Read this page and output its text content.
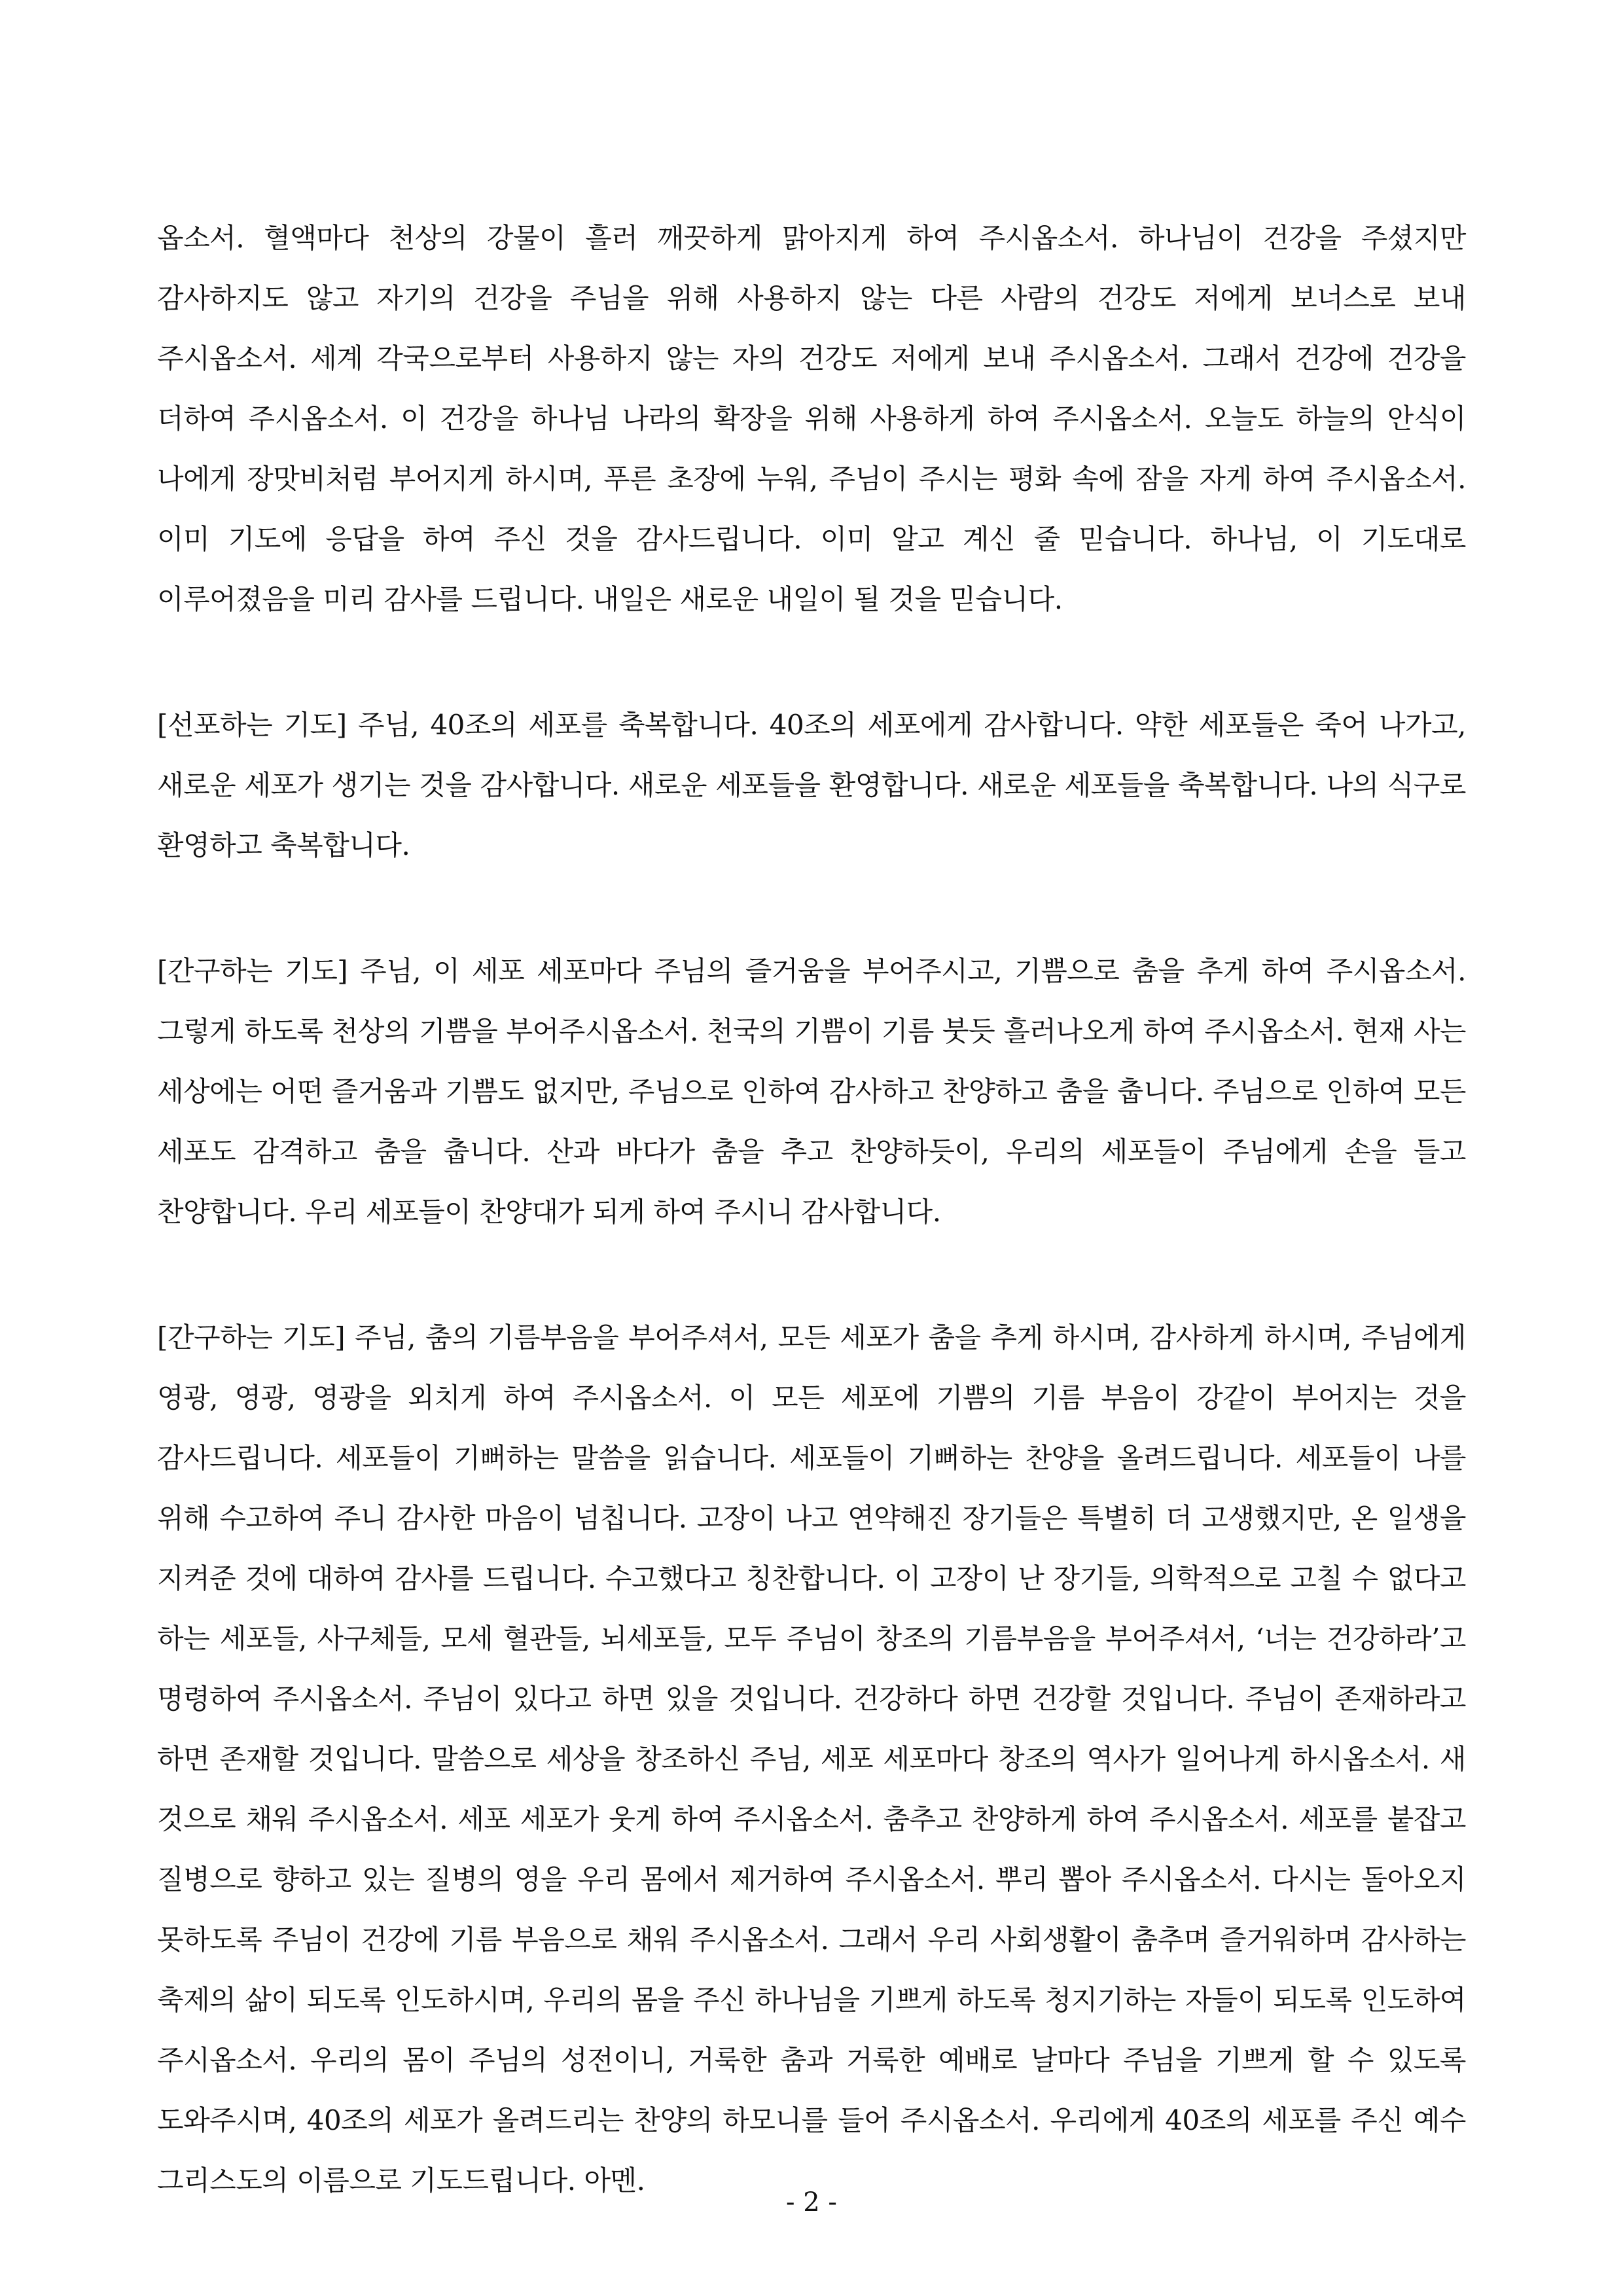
옵소서. 혈액마다 천상의 강물이 흘러 깨끗하게 맑아지게 하여 주시옵소서. 하나님이 건강을 주셨지만 감사하지도 않고 자기의 건강을 주님을 위해 사용하지 않는 다른 사람의 건강도 저에게 보너스로 보내 주시옵소서. 세계 각국으로부터 사용하지 않는 자의 건강도 저에게 보내 주시옵소서. 그래서 건강에 건강을 더하여 주시옵소서. 이 건강을 하나님 나라의 확장을 위해 사용하게 하여 주시옵소서. 오늘도 하늘의 안식이 나에게 장맛비처럼 부어지게 하시며, 푸른 초장에 누워, 주님이 주시는 평화 속에 잠을 자게 하여 주시옵소서. 이미 기도에 응답을 하여 주신 것을 감사드립니다. 이미 알고 계신 줄 믿습니다. 하나님, 이 기도대로 이루어졌음을 미리 감사를 드립니다. 내일은 새로운 내일이 될 것을 믿습니다.

[선포하는 기도] 주님, 40조의 세포를 축복합니다. 40조의 세포에게 감사합니다. 약한 세포들은 죽어 나가고, 새로운 세포가 생기는 것을 감사합니다. 새로운 세포들을 환영합니다. 새로운 세포들을 축복합니다. 나의 식구로 환영하고 축복합니다.

[간구하는 기도] 주님, 이 세포 세포마다 주님의 즐거움을 부어주시고, 기쁨으로 춤을 추게 하여 주시옵소서. 그렇게 하도록 천상의 기쁨을 부어주시옵소서. 천국의 기쁨이 기름 붓듯 흘러나오게 하여 주시옵소서. 현재 사는 세상에는 어떤 즐거움과 기쁨도 없지만, 주님으로 인하여 감사하고 찬양하고 춤을 춥니다. 주님으로 인하여 모든 세포도 감격하고 춤을 춥니다. 산과 바다가 춤을 추고 찬양하듯이, 우리의 세포들이 주님에게 손을 들고 찬양합니다. 우리 세포들이 찬양대가 되게 하여 주시니 감사합니다.

[간구하는 기도] 주님, 춤의 기름부음을 부어주셔서, 모든 세포가 춤을 추게 하시며, 감사하게 하시며, 주님에게 영광, 영광, 영광을 외치게 하여 주시옵소서. 이 모든 세포에 기쁨의 기름 부음이 강같이 부어지는 것을 감사드립니다. 세포들이 기뻐하는 말씀을 읽습니다. 세포들이 기뻐하는 찬양을 올려드립니다. 세포들이 나를 위해 수고하여 주니 감사한 마음이 넘칩니다. 고장이 나고 연약해진 장기들은 특별히 더 고생했지만, 온 일생을 지켜준 것에 대하여 감사를 드립니다. 수고했다고 칭찬합니다. 이 고장이 난 장기들, 의학적으로 고칠 수 없다고 하는 세포들, 사구체들, 모세 혈관들, 뇌세포들, 모두 주님이 창조의 기름부음을 부어주셔서, ‘너는 건강하라’고 명령하여 주시옵소서. 주님이 있다고 하면 있을 것입니다. 건강하다 하면 건강할 것입니다. 주님이 존재하라고 하면 존재할 것입니다. 말씀으로 세상을 창조하신 주님, 세포 세포마다 창조의 역사가 일어나게 하시옵소서. 새 것으로 채워 주시옵소서. 세포 세포가 웃게 하여 주시옵소서. 춤추고 찬양하게 하여 주시옵소서. 세포를 붙잡고 질병으로 향하고 있는 질병의 영을 우리 몸에서 제거하여 주시옵소서. 뿌리 뽑아 주시옵소서. 다시는 돌아오지 못하도록 주님이 건강에 기름 부음으로 채워 주시옵소서. 그래서 우리 사회생활이 춤추며 즐거워하며 감사하는 축제의 삶이 되도록 인도하시며, 우리의 몸을 주신 하나님을 기쁘게 하도록 청지기하는 자들이 되도록 인도하여 주시옵소서. 우리의 몸이 주님의 성전이니, 거룩한 춤과 거룩한 예배로 날마다 주님을 기쁘게 할 수 있도록 도와주시며, 40조의 세포가 올려드리는 찬양의 하모니를 들어 주시옵소서. 우리에게 40조의 세포를 주신 예수 그리스도의 이름으로 기도드립니다. 아멘.

- 2 -
